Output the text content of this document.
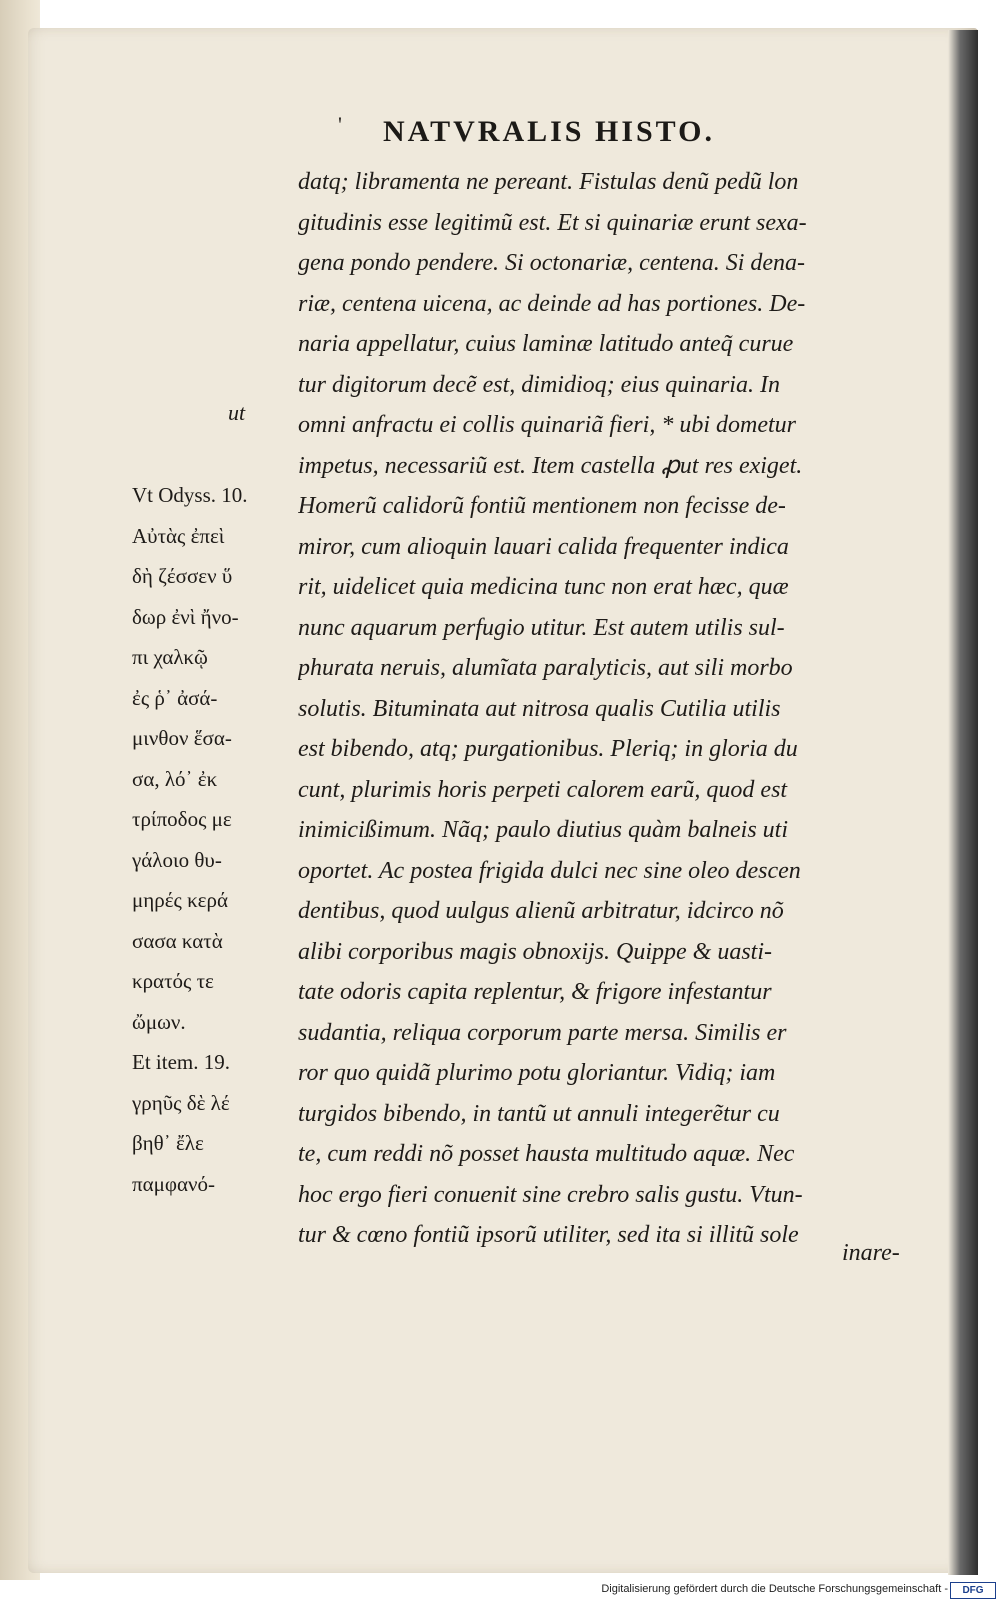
' NATVRALIS HISTO.
ut
datq; libramenta ne pereant. Fistulas denũ pedũ lon
gitudinis esse legitimũ est. Et si quinariæ erunt sexa-
gena pondo pendere. Si octonariæ, centena. Si dena-
riæ, centena uicena, ac deinde ad has portiones. De-
naria appellatur, cuius laminæ latitudo anteq̃ curue
tur digitorum decẽ est, dimidioq; eius quinaria. In
omni anfractu ei collis quinariã fieri, * ubi dometur
impetus, necessariũ est. Item castella ꝓut res exiget.
Homerũ calidorũ fontiũ mentionem non fecisse de-
miror, cum alioquin lauari calida frequenter indica
rit, uidelicet quia medicina tunc non erat hæc, quæ
nunc aquarum perfugio utitur. Est autem utilis sul-
phurata neruis, alumĩata paralyticis, aut sili morbo
solutis. Bituminata aut nitrosa qualis Cutilia utilis
est bibendo, atq; purgationibus. Pleriq; in gloria du
cunt, plurimis horis perpeti calorem earũ, quod est
inimicißimum. Nãq; paulo diutius quàm balneis uti
oportet. Ac postea frigida dulci nec sine oleo descen
dentibus, quod uulgus alienũ arbitratur, idcirco nõ
alibi corporibus magis obnoxijs. Quippe & uasti-
tate odoris capita replentur, & frigore infestantur
sudantia, reliqua corporum parte mersa. Similis er
ror quo quidã plurimo potu gloriantur. Vidiq; iam
turgidos bibendo, in tantũ ut annuli integerẽtur cu
te, cum reddi nõ posset hausta multitudo aquæ. Nec
hoc ergo fieri conuenit sine crebro salis gustu. Vtun-
tur & cœno fontiũ ipsorũ utiliter, sed ita si illitũ sole
Vt Odyss. 10.
Αὐτὰς ἐπεὶ
δὴ ζέσσεν ὕ
δωρ ἐνὶ ἤνο-
πι χαλκῷ
ἐς ῥ᾽ ἀσά-
μινθον ἕσα-
σα, λό᾽ ἐκ
τρίποδος με
γάλοιο θυ-
μηρές κερά
σασα κατὰ
κρατός τε
ὤμων.
Et item. 19.
γρηῦς δὲ λέ
βηθ᾽ ἔλε
παμφανό-
inare-
Digitalisierung gefördert durch die Deutsche Forschungsgemeinschaft -	DFG
